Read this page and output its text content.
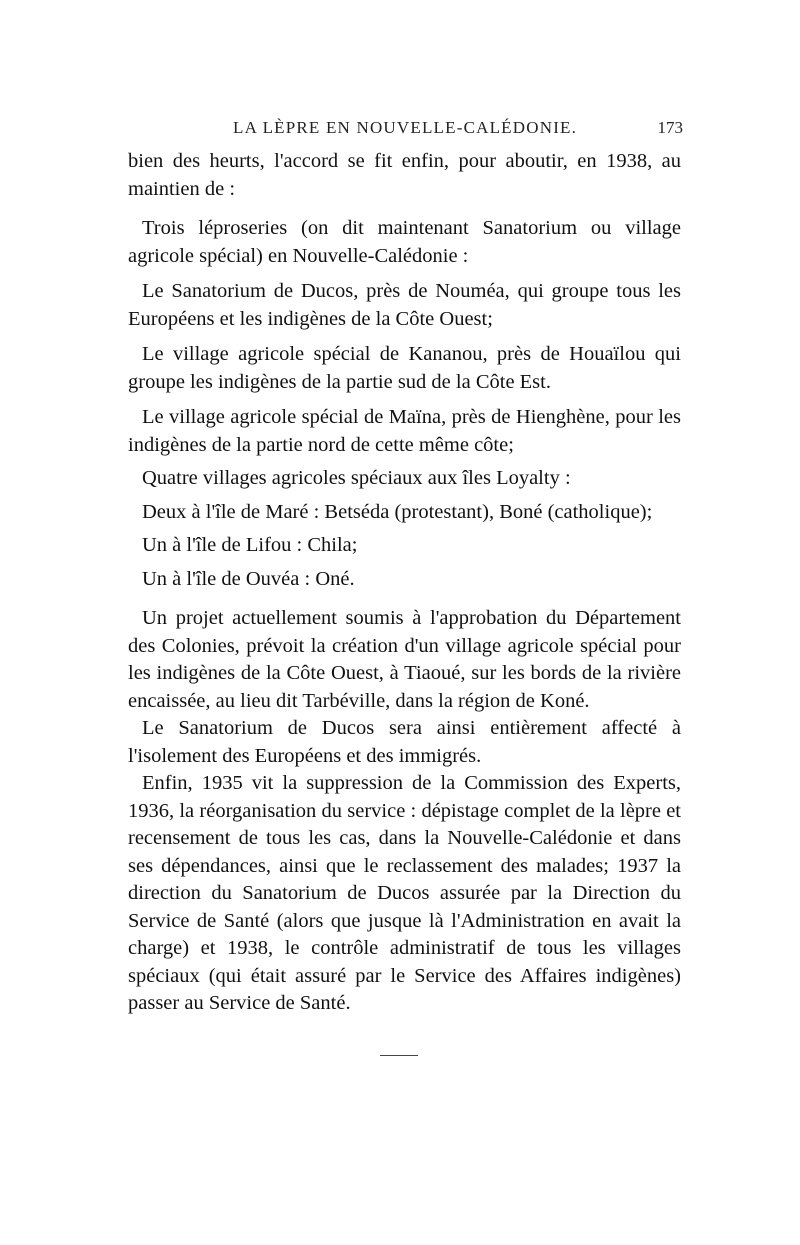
LA LÈPRE EN NOUVELLE-CALÉDONIE.	173

bien des heurts, l'accord se fit enfin, pour aboutir, en 1938, au maintien de :

Trois léproseries (on dit maintenant Sanatorium ou village agricole spécial) en Nouvelle-Calédonie :

Le Sanatorium de Ducos, près de Nouméa, qui groupe tous les Européens et les indigènes de la Côte Ouest;

Le village agricole spécial de Kananou, près de Houaïlou qui groupe les indigènes de la partie sud de la Côte Est.

Le village agricole spécial de Maïna, près de Hienghène, pour les indigènes de la partie nord de cette même côte;

Quatre villages agricoles spéciaux aux îles Loyalty :

Deux à l'île de Maré : Betséda (protestant), Boné (catholique);

Un à l'île de Lifou : Chila;

Un à l'île de Ouvéa : Oné.

Un projet actuellement soumis à l'approbation du Département des Colonies, prévoit la création d'un village agricole spécial pour les indigènes de la Côte Ouest, à Tiaoué, sur les bords de la rivière encaissée, au lieu dit Tarbéville, dans la région de Koné.

Le Sanatorium de Ducos sera ainsi entièrement affecté à l'isolement des Européens et des immigrés.

Enfin, 1935 vit la suppression de la Commission des Experts, 1936, la réorganisation du service : dépistage complet de la lèpre et recensement de tous les cas, dans la Nouvelle-Calédonie et dans ses dépendances, ainsi que le reclassement des malades; 1937 la direction du Sanatorium de Ducos assurée par la Direction du Service de Santé (alors que jusque là l'Administration en avait la charge) et 1938, le contrôle administratif de tous les villages spéciaux (qui était assuré par le Service des Affaires indigènes) passer au Service de Santé.
